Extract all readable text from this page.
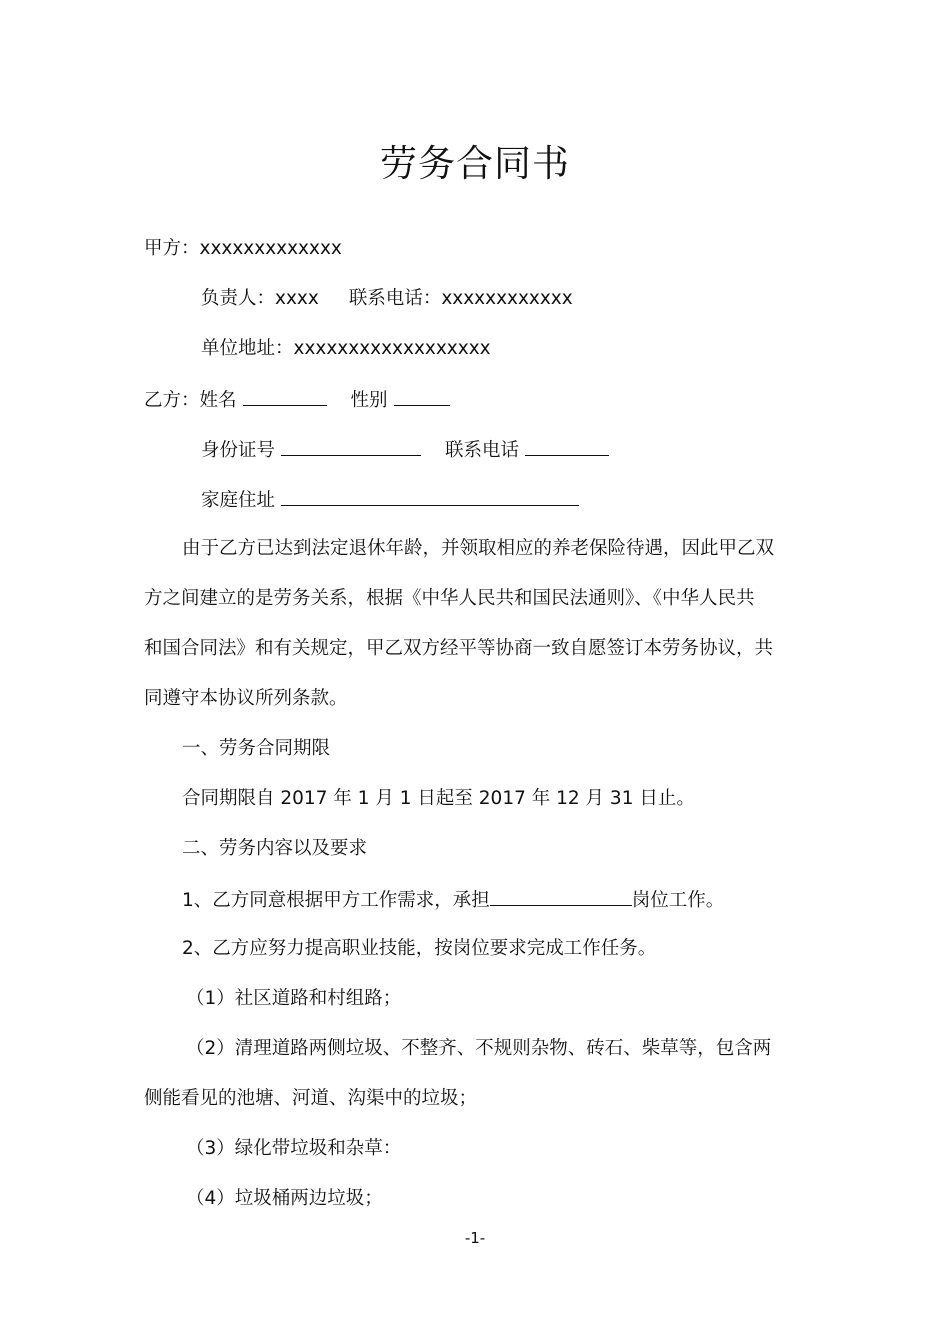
劳务合同书

甲方：xxxxxxxxxxxxx

负责人：xxxx 联系电话：xxxxxxxxxxxx

单位地址：xxxxxxxxxxxxxxxxxx

乙方：姓名	性别

身份证号	联系电话

家庭住址

由于乙方已达到法定退休年龄，并领取相应的养老保险待遇，因此甲乙双

方之间建立的是劳务关系，根据《中华人民共和国民法通则》、《中华人民共

和国合同法》和有关规定，甲乙双方经平等协商一致自愿签订本劳务协议，共

同遵守本协议所列条款。

一、劳务合同期限

合同期限自 2017 年 1 月 1 日起至 2017 年 12 月 31 日止。

二、劳务内容以及要求

1、乙方同意根据甲方工作需求，承担	岗位工作。

2、乙方应努力提高职业技能，按岗位要求完成工作任务。

（1）社区道路和村组路；

（2）清理道路两侧垃圾、不整齐、不规则杂物、砖石、柴草等，包含两

侧能看见的池塘、河道、沟渠中的垃圾；

（3）绿化带垃圾和杂草：

（4）垃圾桶两边垃圾；

-1-
